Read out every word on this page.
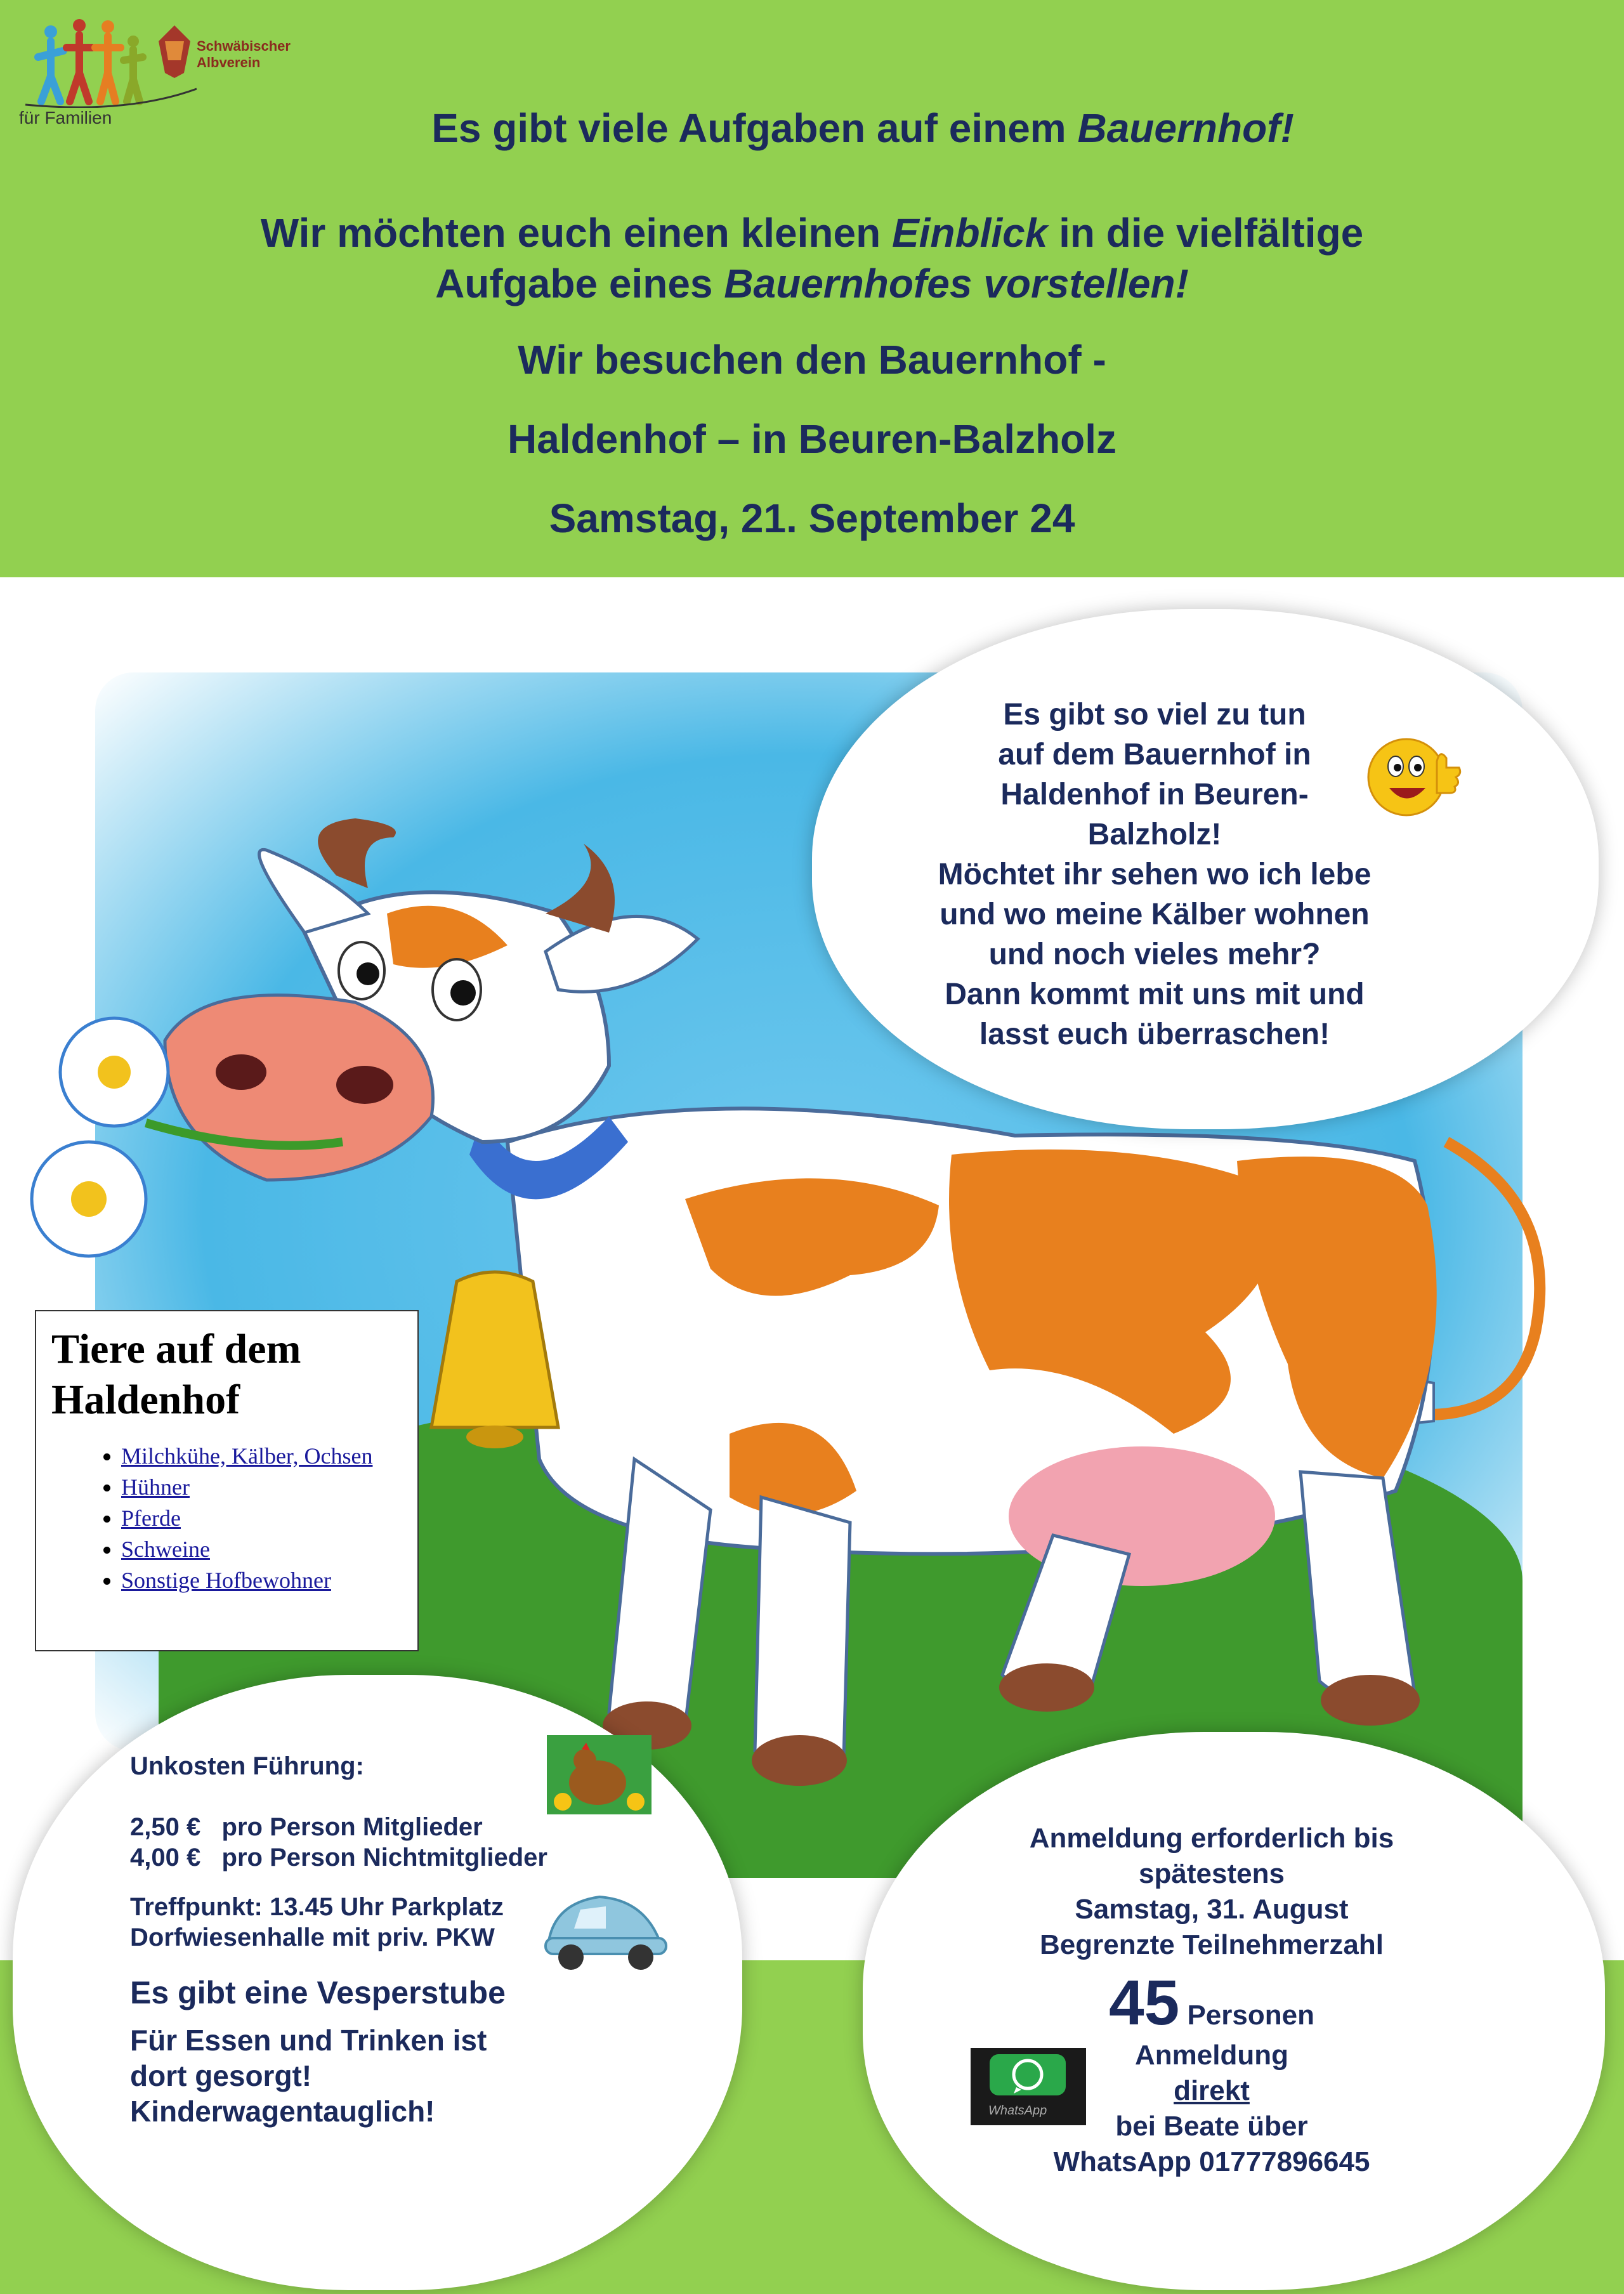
Schwäbischer Albverein
für Familien	Es gibt viele Aufgaben auf einem Bauernhof!
Wir möchten euch einen kleinen Einblick in die vielfältige
Aufgabe eines Bauernhofes vorstellen!
Wir besuchen den Bauernhof -
Haldenhof – in Beuren-Balzholz
Samstag, 21. September 24
Es gibt so viel zu tun
auf dem Bauernhof in
Haldenhof in Beuren-
Balzholz!
Möchtet ihr sehen wo ich lebe
und wo meine Kälber wohnen
und noch vieles mehr?
Dann kommt mit uns mit und
lasst euch überraschen!
Tiere auf dem
Haldenhof
• Milchkühe, Kälber, Ochsen
• Hühner
• Pferde
• Schweine
• Sonstige Hofbewohner
Unkosten Führung:
2,50 €   pro Person Mitglieder
4,00 €   pro Person Nichtmitglieder
Treffpunkt: 13.45 Uhr Parkplatz
Dorfwiesenhalle mit priv. PKW
Es gibt eine Vesperstube
Für Essen und Trinken ist
dort gesorgt!
Kinderwagentauglich!
Anmeldung erforderlich bis
spätestens
Samstag, 31. August
Begrenzte Teilnehmerzahl
45 Personen
Anmeldung
direkt
bei Beate über
WhatsApp 01777896645
WhatsApp
